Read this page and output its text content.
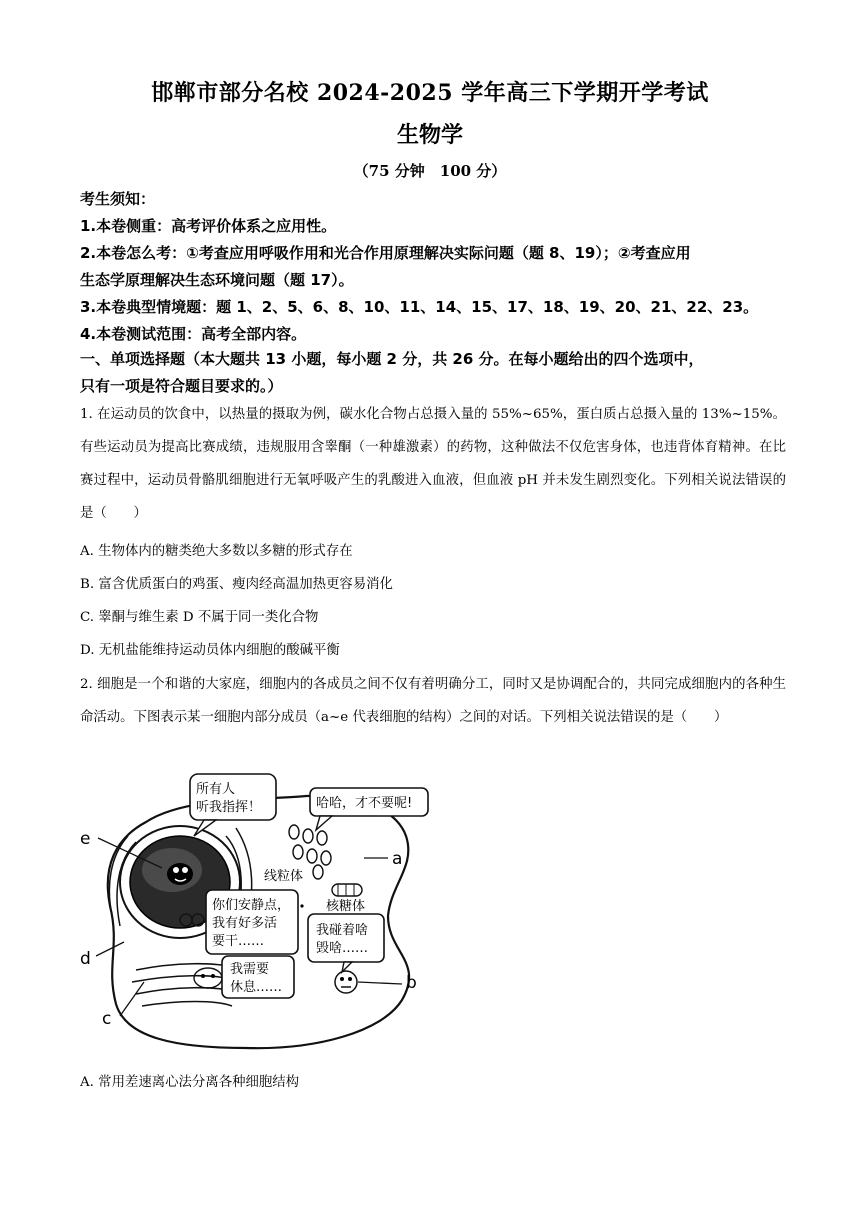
邯郸市部分名校 2024-2025 学年高三下学期开学考试
生物学
（75 分钟　100 分）
考生须知：
1.本卷侧重：高考评价体系之应用性。
2.本卷怎么考：①考查应用呼吸作用和光合作用原理解决实际问题（题 8、19）；②考查应用
生态学原理解决生态环境问题（题 17）。
3.本卷典型情境题：题 1、2、5、6、8、10、11、14、15、17、18、19、20、21、22、23。
4.本卷测试范围：高考全部内容。
一、单项选择题（本大题共 13 小题，每小题 2 分，共 26 分。在每小题给出的四个选项中，
只有一项是符合题目要求的。）
1. 在运动员的饮食中，以热量的摄取为例，碳水化合物占总摄入量的 55%~65%，蛋白质占总摄入量的 13%~15%。有些运动员为提高比赛成绩，违规服用含睾酮（一种雄激素）的药物，这种做法不仅危害身体，也违背体育精神。在比赛过程中，运动员骨骼肌细胞进行无氧呼吸产生的乳酸进入血液，但血液 pH 并未发生剧烈变化。下列相关说法错误的是（　　）
A. 生物体内的糖类绝大多数以多糖的形式存在
B. 富含优质蛋白的鸡蛋、瘦肉经高温加热更容易消化
C. 睾酮与维生素 D 不属于同一类化合物
D. 无机盐能维持运动员体内细胞的酸碱平衡
2. 细胞是一个和谐的大家庭，细胞内的各成员之间不仅有着明确分工，同时又是协调配合的，共同完成细胞内的各种生命活动。下图表示某一细胞内部分成员（a~e 代表细胞的结构）之间的对话。下列相关说法错误的是（　　）
所有人
听我指挥！	哈哈，才不要呢!
你们安静点，
我有好多活
要干……
我碰着啥
毁啥……
我需要
休息……
线粒体
核糖体
a
b
c
d
e
A. 常用差速离心法分离各种细胞结构
